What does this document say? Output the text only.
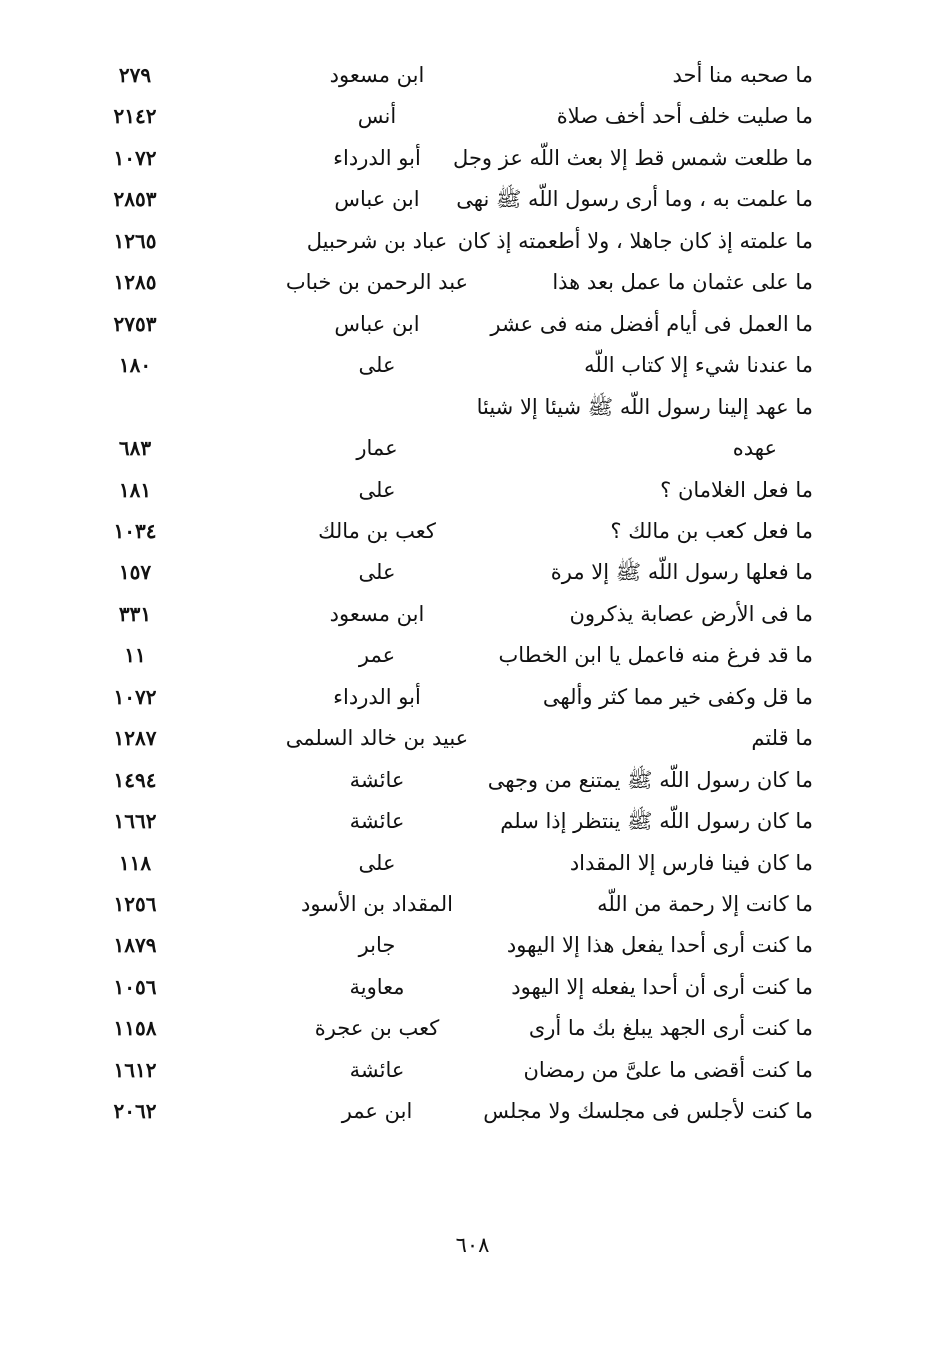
ما صحبه منا أحد
ابن مسعود
٢٧٩
ما صليت خلف أحد أخف صلاة
أنس
٢١٤٢
ما طلعت شمس قط إلا بعث اللّه عز وجل
أبو الدرداء
١٠٧٢
ما علمت به ، وما أرى رسول اللّه ﷺ نهى
ابن عباس
٢٨٥٣
ما علمته إذ كان جاهلا ، ولا أطعمته إذ كان
عباد بن شرحبيل
١٢٦٥
ما على عثمان ما عمل بعد هذا
عبد الرحمن بن خباب
١٢٨٥
ما العمل فى أيام أفضل منه فى عشر
ابن عباس
٢٧٥٣
ما عندنا شيء إلا كتاب اللّه
على
١٨٠
ما عهد إلينا رسول اللّه ﷺ شيئا إلا شيئا
عهده
عمار
٦٨٣
ما فعل الغلامان ؟
على
١٨١
ما فعل كعب بن مالك ؟
كعب بن مالك
١٠٣٤
ما فعلها رسول اللّه ﷺ إلا مرة
على
١٥٧
ما فى الأرض عصابة يذكرون
ابن مسعود
٣٣١
ما قد فرغ منه فاعمل يا ابن الخطاب
عمر
١١
ما قل وكفى خير مما كثر وألهى
أبو الدرداء
١٠٧٢
ما قلتم
عبيد بن خالد السلمى
١٢٨٧
ما كان رسول اللّه ﷺ يمتنع من وجهى
عائشة
١٤٩٤
ما كان رسول اللّه ﷺ ينتظر إذا سلم
عائشة
١٦٦٢
ما كان فينا فارس إلا المقداد
على
١١٨
ما كانت إلا رحمة من اللّه
المقداد بن الأسود
١٢٥٦
ما كنت أرى أحدا يفعل هذا إلا اليهود
جابر
١٨٧٩
ما كنت أرى أن أحدا يفعله إلا اليهود
معاوية
١٠٥٦
ما كنت أرى الجهد يبلغ بك ما أرى
كعب بن عجرة
١١٥٨
ما كنت أقضى ما علىَّ من رمضان
عائشة
١٦١٢
ما كنت لأجلس فى مجلسك ولا مجلس
ابن عمر
٢٠٦٢
٦٠٨
